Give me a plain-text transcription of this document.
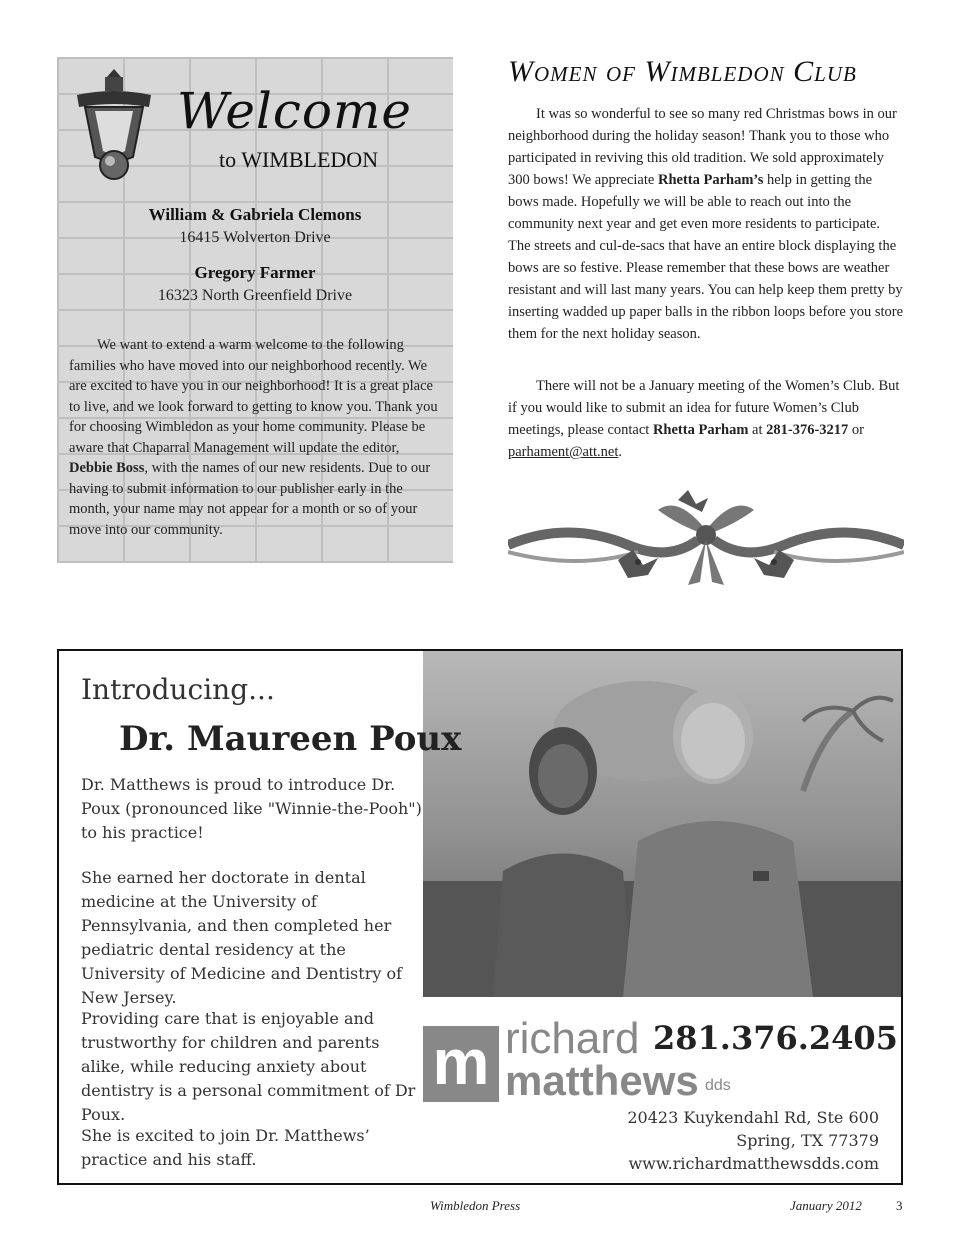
Welcome
to WIMBLEDON
William & Gabriela Clemons
16415 Wolverton Drive
Gregory Farmer
16323 North Greenfield Drive

We want to extend a warm welcome to the following families who have moved into our neighborhood recently. We are excited to have you in our neighborhood! It is a great place to live, and we look forward to getting to know you. Thank you for choosing Wimbledon as your home community. Please be aware that Chaparral Management will update the editor, Debbie Boss, with the names of our new residents. Due to our having to submit information to our publisher early in the month, your name may not appear for a month or so of your move into our community.

Women of Wimbledon Club

It was so wonderful to see so many red Christmas bows in our neighborhood during the holiday season! Thank you to those who participated in reviving this old tradition. We sold approximately 300 bows! We appreciate Rhetta Parham’s help in getting the bows made. Hopefully we will be able to reach out into the community next year and get even more residents to participate. The streets and cul-de-sacs that have an entire block displaying the bows are so festive. Please remember that these bows are weather resistant and will last many years. You can help keep them pretty by inserting wadded up paper balls in the ribbon loops before you store them for the next holiday season.

There will not be a January meeting of the Women’s Club. But if you would like to submit an idea for future Women’s Club meetings, please contact Rhetta Parham at 281-376-3217 or parhament@att.net.

Introducing...
Dr. Maureen Poux

Dr. Matthews is proud to introduce Dr. Poux (pronounced like "Winnie-the-Pooh") to his practice!

She earned her doctorate in dental medicine at the University of Pennsylvania, and then completed her pediatric dental residency at the University of Medicine and Dentistry of New Jersey.

Providing care that is enjoyable and trustworthy for children and parents alike, while reducing anxiety about dentistry is a personal commitment of Dr Poux.

She is excited to join Dr. Matthews’ practice and his staff.

m richard
matthews dds
281.376.2405
20423 Kuykendahl Rd, Ste 600
Spring, TX 77379
www.richardmatthewsdds.com
Wimbledon Press	January 2012	3
